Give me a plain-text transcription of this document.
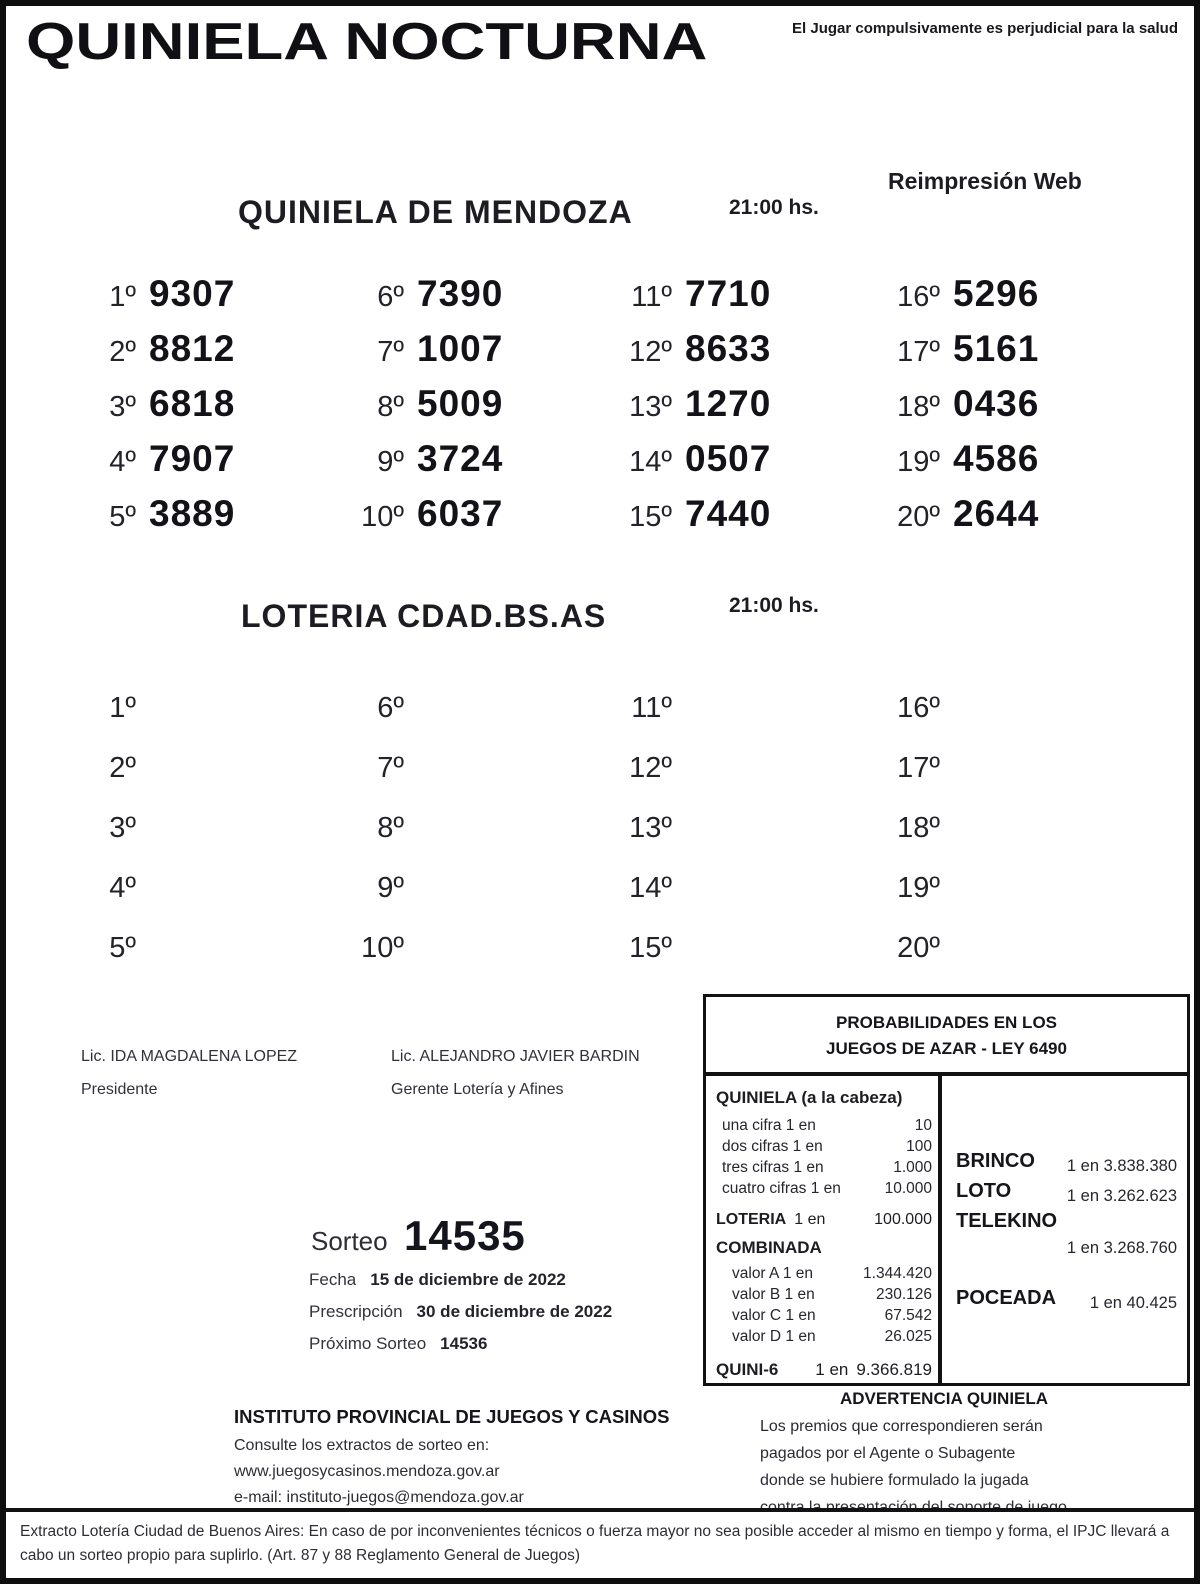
QUINIELA NOCTURNA	El Jugar compulsivamente es perjudicial para la salud
QUINIELA DE MENDOZA	21:00 hs.
Reimpresión Web
1º 9307	6º 7390	11º 7710	16º 5296
2º 8812	7º 1007	12º 8633	17º 5161
3º 6818	8º 5009	13º 1270	18º 0436
4º 7907	9º 3724	14º 0507	19º 4586
5º 3889	10º 6037	15º 7440	20º 2644
LOTERIA CDAD.BS.AS	21:00 hs.
1º	6º	11º	16º
2º	7º	12º	17º
3º	8º	13º	18º
4º	9º	14º	19º
5º	10º	15º	20º
Lic. IDA MAGDALENA LOPEZ
Presidente
Lic. ALEJANDRO JAVIER BARDIN
Gerente Lotería y Afines
Sorteo 14535
Fecha 15 de diciembre de 2022
Prescripción 30 de diciembre de 2022
Próximo Sorteo 14536
PROBABILIDADES EN LOS
JUEGOS DE AZAR - LEY 6490
QUINIELA (a la cabeza)
una cifra 1 en	10
dos cifras 1 en	100
tres cifras 1 en	1.000
cuatro cifras 1 en	10.000
LOTERIA 1 en	100.000
COMBINADA
valor A 1 en	1.344.420
valor B 1 en	230.126
valor C 1 en	67.542
valor D 1 en	26.025
QUINI-6 1 en 9.366.819
BRINCO 1 en 3.838.380
LOTO	1 en 3.262.623
TELEKINO
1 en 3.268.760
POCEADA 1 en 40.425
ADVERTENCIA QUINIELA
Los premios que correspondieren serán
pagados por el Agente o Subagente
donde se hubiere formulado la jugada
INSTITUTO PROVINCIAL DE JUEGOS Y CASINOS
Consulte los extractos de sorteo en:
www.juegosycasinos.mendoza.gov.ar
e-mail: instituto-juegos@mendoza.gov.ar
Extracto Lotería Ciudad de Buenos Aires: En caso de por inconvenientes técnicos o fuerza mayor no sea posible acceder al mismo en tiempo y forma, el IPJC llevará a cabo un sorteo propio para suplirlo. (Art. 87 y 88 Reglamento General de Juegos)
